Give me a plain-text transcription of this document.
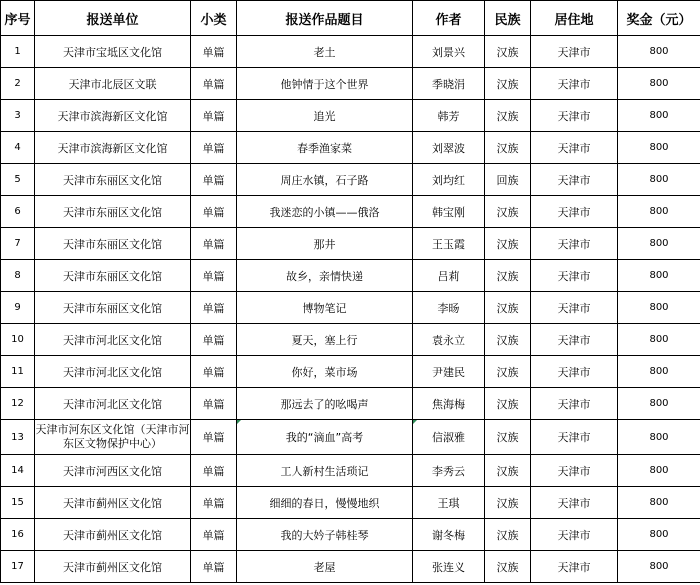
序号	报送单位	小类	报送作品题目	作者	民族	居住地	奖金（元）
1	天津市宝坻区文化馆	单篇	老土	刘景兴	汉族	天津市	800
2	天津市北辰区文联	单篇	他钟情于这个世界	季晓涓	汉族	天津市	800
3	天津市滨海新区文化馆	单篇	追光	韩芳	汉族	天津市	800
4	天津市滨海新区文化馆	单篇	春季渔家菜	刘翠波	汉族	天津市	800
5	天津市东丽区文化馆	单篇	周庄水镇，石子路	刘均红	回族	天津市	800
6	天津市东丽区文化馆	单篇	我迷恋的小镇——俄洛	韩宝刚	汉族	天津市	800
7	天津市东丽区文化馆	单篇	那井	王玉霞	汉族	天津市	800
8	天津市东丽区文化馆	单篇	故乡，亲情快递	吕莉	汉族	天津市	800
9	天津市东丽区文化馆	单篇	博物笔记	李旸	汉族	天津市	800
10	天津市河北区文化馆	单篇	夏天，塞上行	袁永立	汉族	天津市	800
11	天津市河北区文化馆	单篇	你好，菜市场	尹建民	汉族	天津市	800
12	天津市河北区文化馆	单篇	那远去了的吆喝声	焦海梅	汉族	天津市	800
13	天津市河东区文化馆（天津市河东区文物保护中心）	单篇	我的“滴血”高考	信淑雅	汉族	天津市	800
14	天津市河西区文化馆	单篇	工人新村生活琐记	李秀云	汉族	天津市	800
15	天津市蓟州区文化馆	单篇	细细的春日，慢慢地织	王琪	汉族	天津市	800
16	天津市蓟州区文化馆	单篇	我的大妗子韩桂琴	谢冬梅	汉族	天津市	800
17	天津市蓟州区文化馆	单篇	老屋	张连义	汉族	天津市	800
